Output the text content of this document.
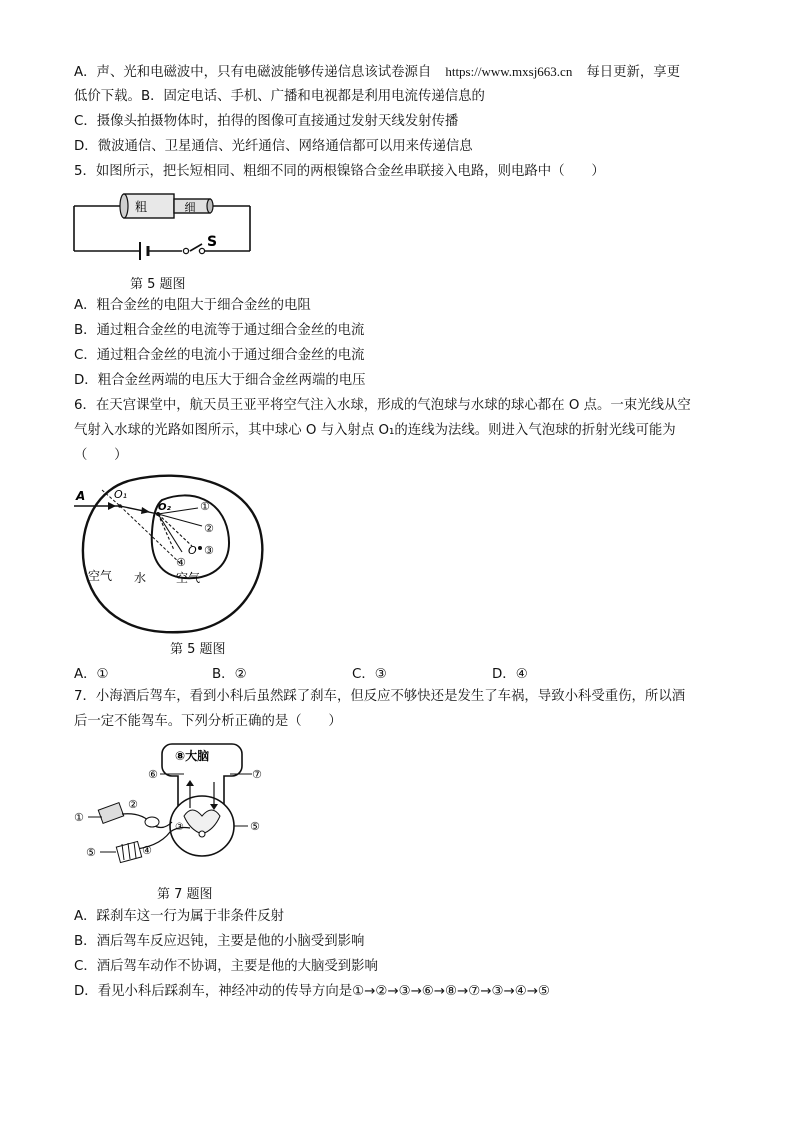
A．声、光和电磁波中，只有电磁波能够传递信息该试卷源自 https://www.mxsj663.cn 每日更新，享更
低价下载。B．固定电话、手机、广播和电视都是利用电流传递信息的
C．摄像头拍摄物体时，拍得的图像可直接通过发射天线发射传播
D．微波通信、卫星通信、光纤通信、网络通信都可以用来传递信息
5．如图所示，把长短相同、粗细不同的两根镍铬合金丝串联接入电路，则电路中（　　）
粗	细
S
第 5 题图
A．粗合金丝的电阻大于细合金丝的电阻
B．通过粗合金丝的电流等于通过细合金丝的电流
C．通过粗合金丝的电流小于通过细合金丝的电流
D．粗合金丝两端的电压大于细合金丝两端的电压
6．在天宫课堂中，航天员王亚平将空气注入水球，形成的气泡球与水球的球心都在 O 点。一束光线从空
气射入水球的光路如图所示，其中球心 O 与入射点 O₁的连线为法线。则进入气泡球的折射光线可能为
（　　）
A	O₁
O₂
O
①
②
③
④
空气 水 空气
第 5 题图
A．①	B．②	C．③	D．④
7．小海酒后驾车，看到小科后虽然踩了刹车，但反应不够快还是发生了车祸，导致小科受重伤，所以酒
后一定不能驾车。下列分析正确的是（　　）
⑧大脑
①
②
③
④
⑤
⑤
⑥	⑦
第 7 题图
A．踩刹车这一行为属于非条件反射
B．酒后驾车反应迟钝，主要是他的小脑受到影响
C．酒后驾车动作不协调，主要是他的大脑受到影响
D．看见小科后踩刹车，神经冲动的传导方向是①→②→③→⑥→⑧→⑦→③→④→⑤
